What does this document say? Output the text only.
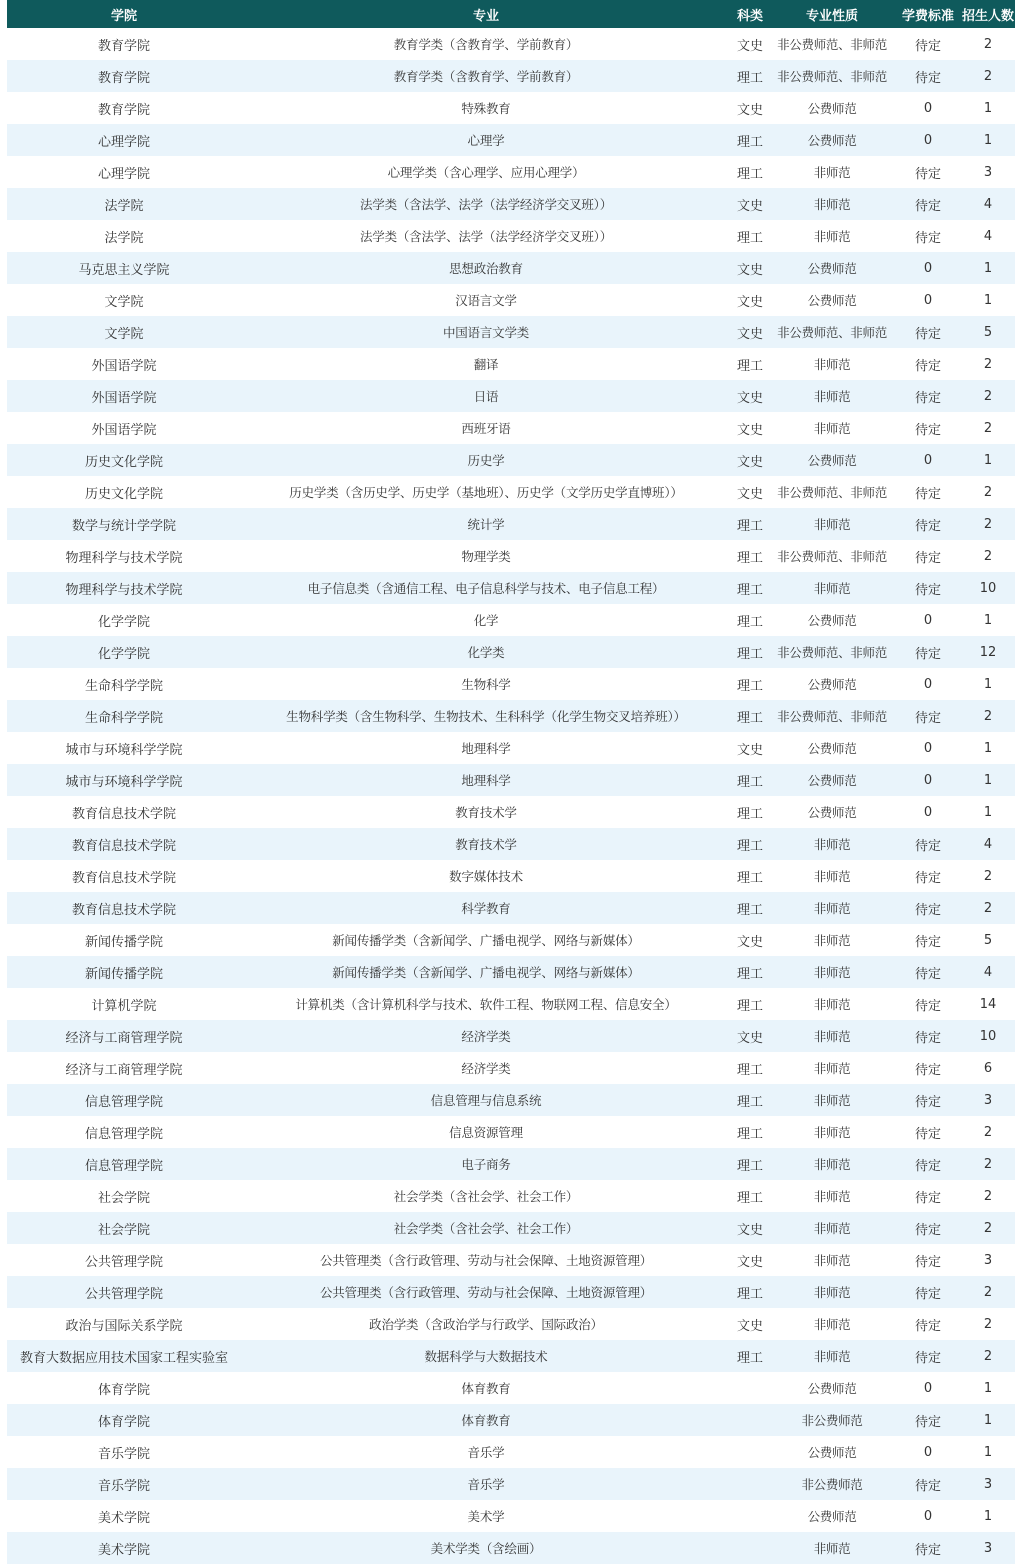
	学院	专业	科类	专业性质	学费标准	招生人数
	教育学院	教育学类（含教育学、学前教育）	文史	非公费师范、非师范	待定	2
	教育学院	教育学类（含教育学、学前教育）	理工	非公费师范、非师范	待定	2
	教育学院	特殊教育	文史	公费师范	0	1
	心理学院	心理学	理工	公费师范	0	1
	心理学院	心理学类（含心理学、应用心理学）	理工	非师范	待定	3
	法学院	法学类（含法学、法学（法学经济学交叉班））	文史	非师范	待定	4
	法学院	法学类（含法学、法学（法学经济学交叉班））	理工	非师范	待定	4
	马克思主义学院	思想政治教育	文史	公费师范	0	1
	文学院	汉语言文学	文史	公费师范	0	1
	文学院	中国语言文学类	文史	非公费师范、非师范	待定	5
	外国语学院	翻译	理工	非师范	待定	2
	外国语学院	日语	文史	非师范	待定	2
	外国语学院	西班牙语	文史	非师范	待定	2
	历史文化学院	历史学	文史	公费师范	0	1
	历史文化学院	历史学类（含历史学、历史学（基地班）、历史学（文学历史学直博班））	文史	非公费师范、非师范	待定	2
	数学与统计学学院	统计学	理工	非师范	待定	2
	物理科学与技术学院	物理学类	理工	非公费师范、非师范	待定	2
	物理科学与技术学院	电子信息类（含通信工程、电子信息科学与技术、电子信息工程）	理工	非师范	待定	10
	化学学院	化学	理工	公费师范	0	1
	化学学院	化学类	理工	非公费师范、非师范	待定	12
	生命科学学院	生物科学	理工	公费师范	0	1
	生命科学学院	生物科学类（含生物科学、生物技术、生科科学（化学生物交叉培养班））	理工	非公费师范、非师范	待定	2
	城市与环境科学学院	地理科学	文史	公费师范	0	1
	城市与环境科学学院	地理科学	理工	公费师范	0	1
	教育信息技术学院	教育技术学	理工	公费师范	0	1
	教育信息技术学院	教育技术学	理工	非师范	待定	4
	教育信息技术学院	数字媒体技术	理工	非师范	待定	2
	教育信息技术学院	科学教育	理工	非师范	待定	2
	新闻传播学院	新闻传播学类（含新闻学、广播电视学、网络与新媒体）	文史	非师范	待定	5
	新闻传播学院	新闻传播学类（含新闻学、广播电视学、网络与新媒体）	理工	非师范	待定	4
	计算机学院	计算机类（含计算机科学与技术、软件工程、物联网工程、信息安全）	理工	非师范	待定	14
	经济与工商管理学院	经济学类	文史	非师范	待定	10
	经济与工商管理学院	经济学类	理工	非师范	待定	6
	信息管理学院	信息管理与信息系统	理工	非师范	待定	3
	信息管理学院	信息资源管理	理工	非师范	待定	2
	信息管理学院	电子商务	理工	非师范	待定	2
	社会学院	社会学类（含社会学、社会工作）	理工	非师范	待定	2
	社会学院	社会学类（含社会学、社会工作）	文史	非师范	待定	2
	公共管理学院	公共管理类（含行政管理、劳动与社会保障、土地资源管理）	文史	非师范	待定	3
	公共管理学院	公共管理类（含行政管理、劳动与社会保障、土地资源管理）	理工	非师范	待定	2
	政治与国际关系学院	政治学类（含政治学与行政学、国际政治）	文史	非师范	待定	2
	教育大数据应用技术国家工程实验室	数据科学与大数据技术	理工	非师范	待定	2
	体育学院	体育教育		公费师范	0	1
	体育学院	体育教育		非公费师范	待定	1
	音乐学院	音乐学		公费师范	0	1
	音乐学院	音乐学		非公费师范	待定	3
	美术学院	美术学		公费师范	0	1
	美术学院	美术学类（含绘画）		非师范	待定	3
